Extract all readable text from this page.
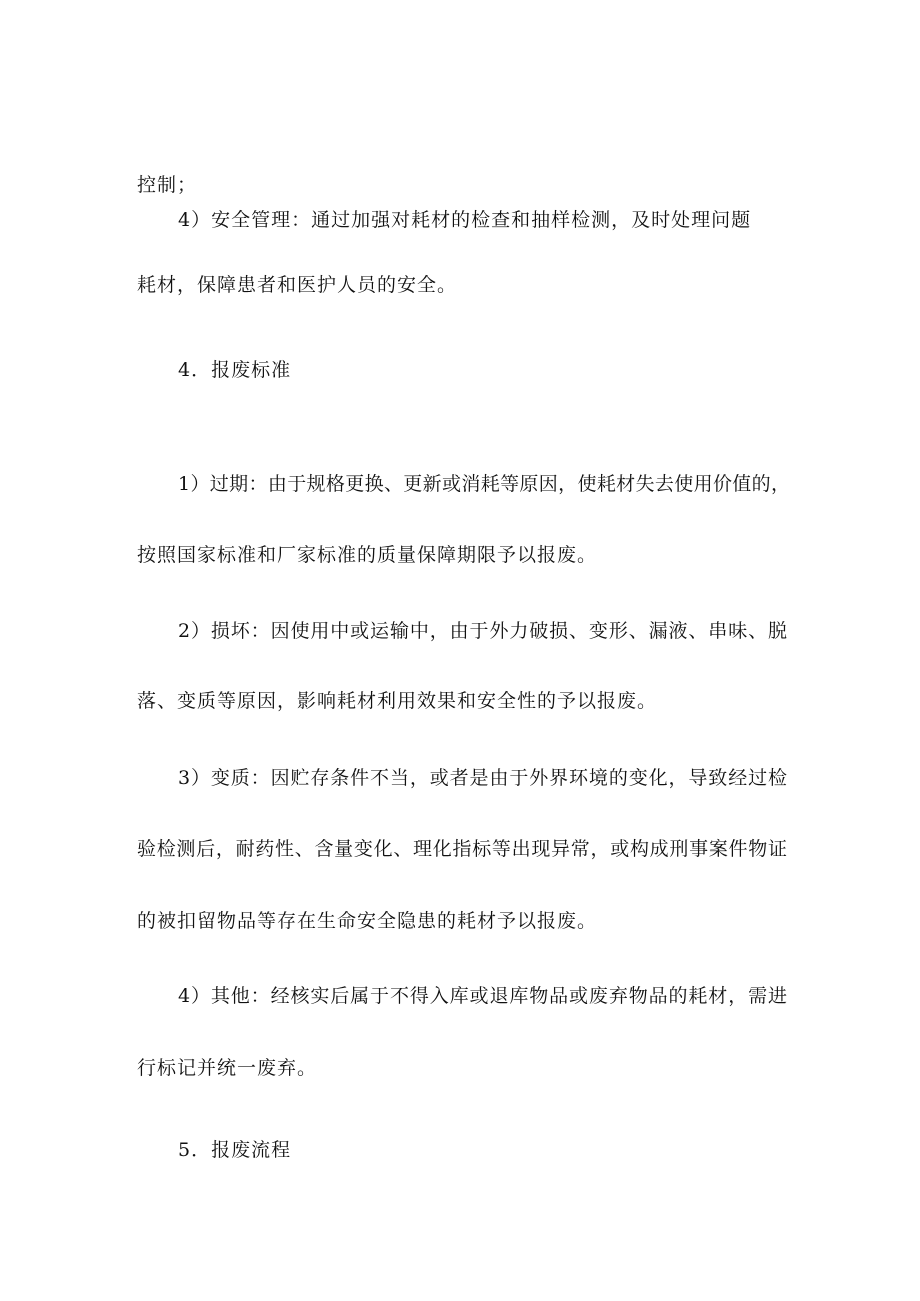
控制；
4）安全管理：通过加强对耗材的检查和抽样检测，及时处理问题
耗材，保障患者和医护人员的安全。
4．报废标准
1）过期：由于规格更换、更新或消耗等原因，使耗材失去使用价值的，
按照国家标准和厂家标准的质量保障期限予以报废。
2）损坏：因使用中或运输中，由于外力破损、变形、漏液、串味、脱
落、变质等原因，影响耗材利用效果和安全性的予以报废。
3）变质：因贮存条件不当，或者是由于外界环境的变化，导致经过检
验检测后，耐药性、含量变化、理化指标等出现异常，或构成刑事案件物证
的被扣留物品等存在生命安全隐患的耗材予以报废。
4）其他：经核实后属于不得入库或退库物品或废弃物品的耗材，需进
行标记并统一废弃。
5．报废流程
